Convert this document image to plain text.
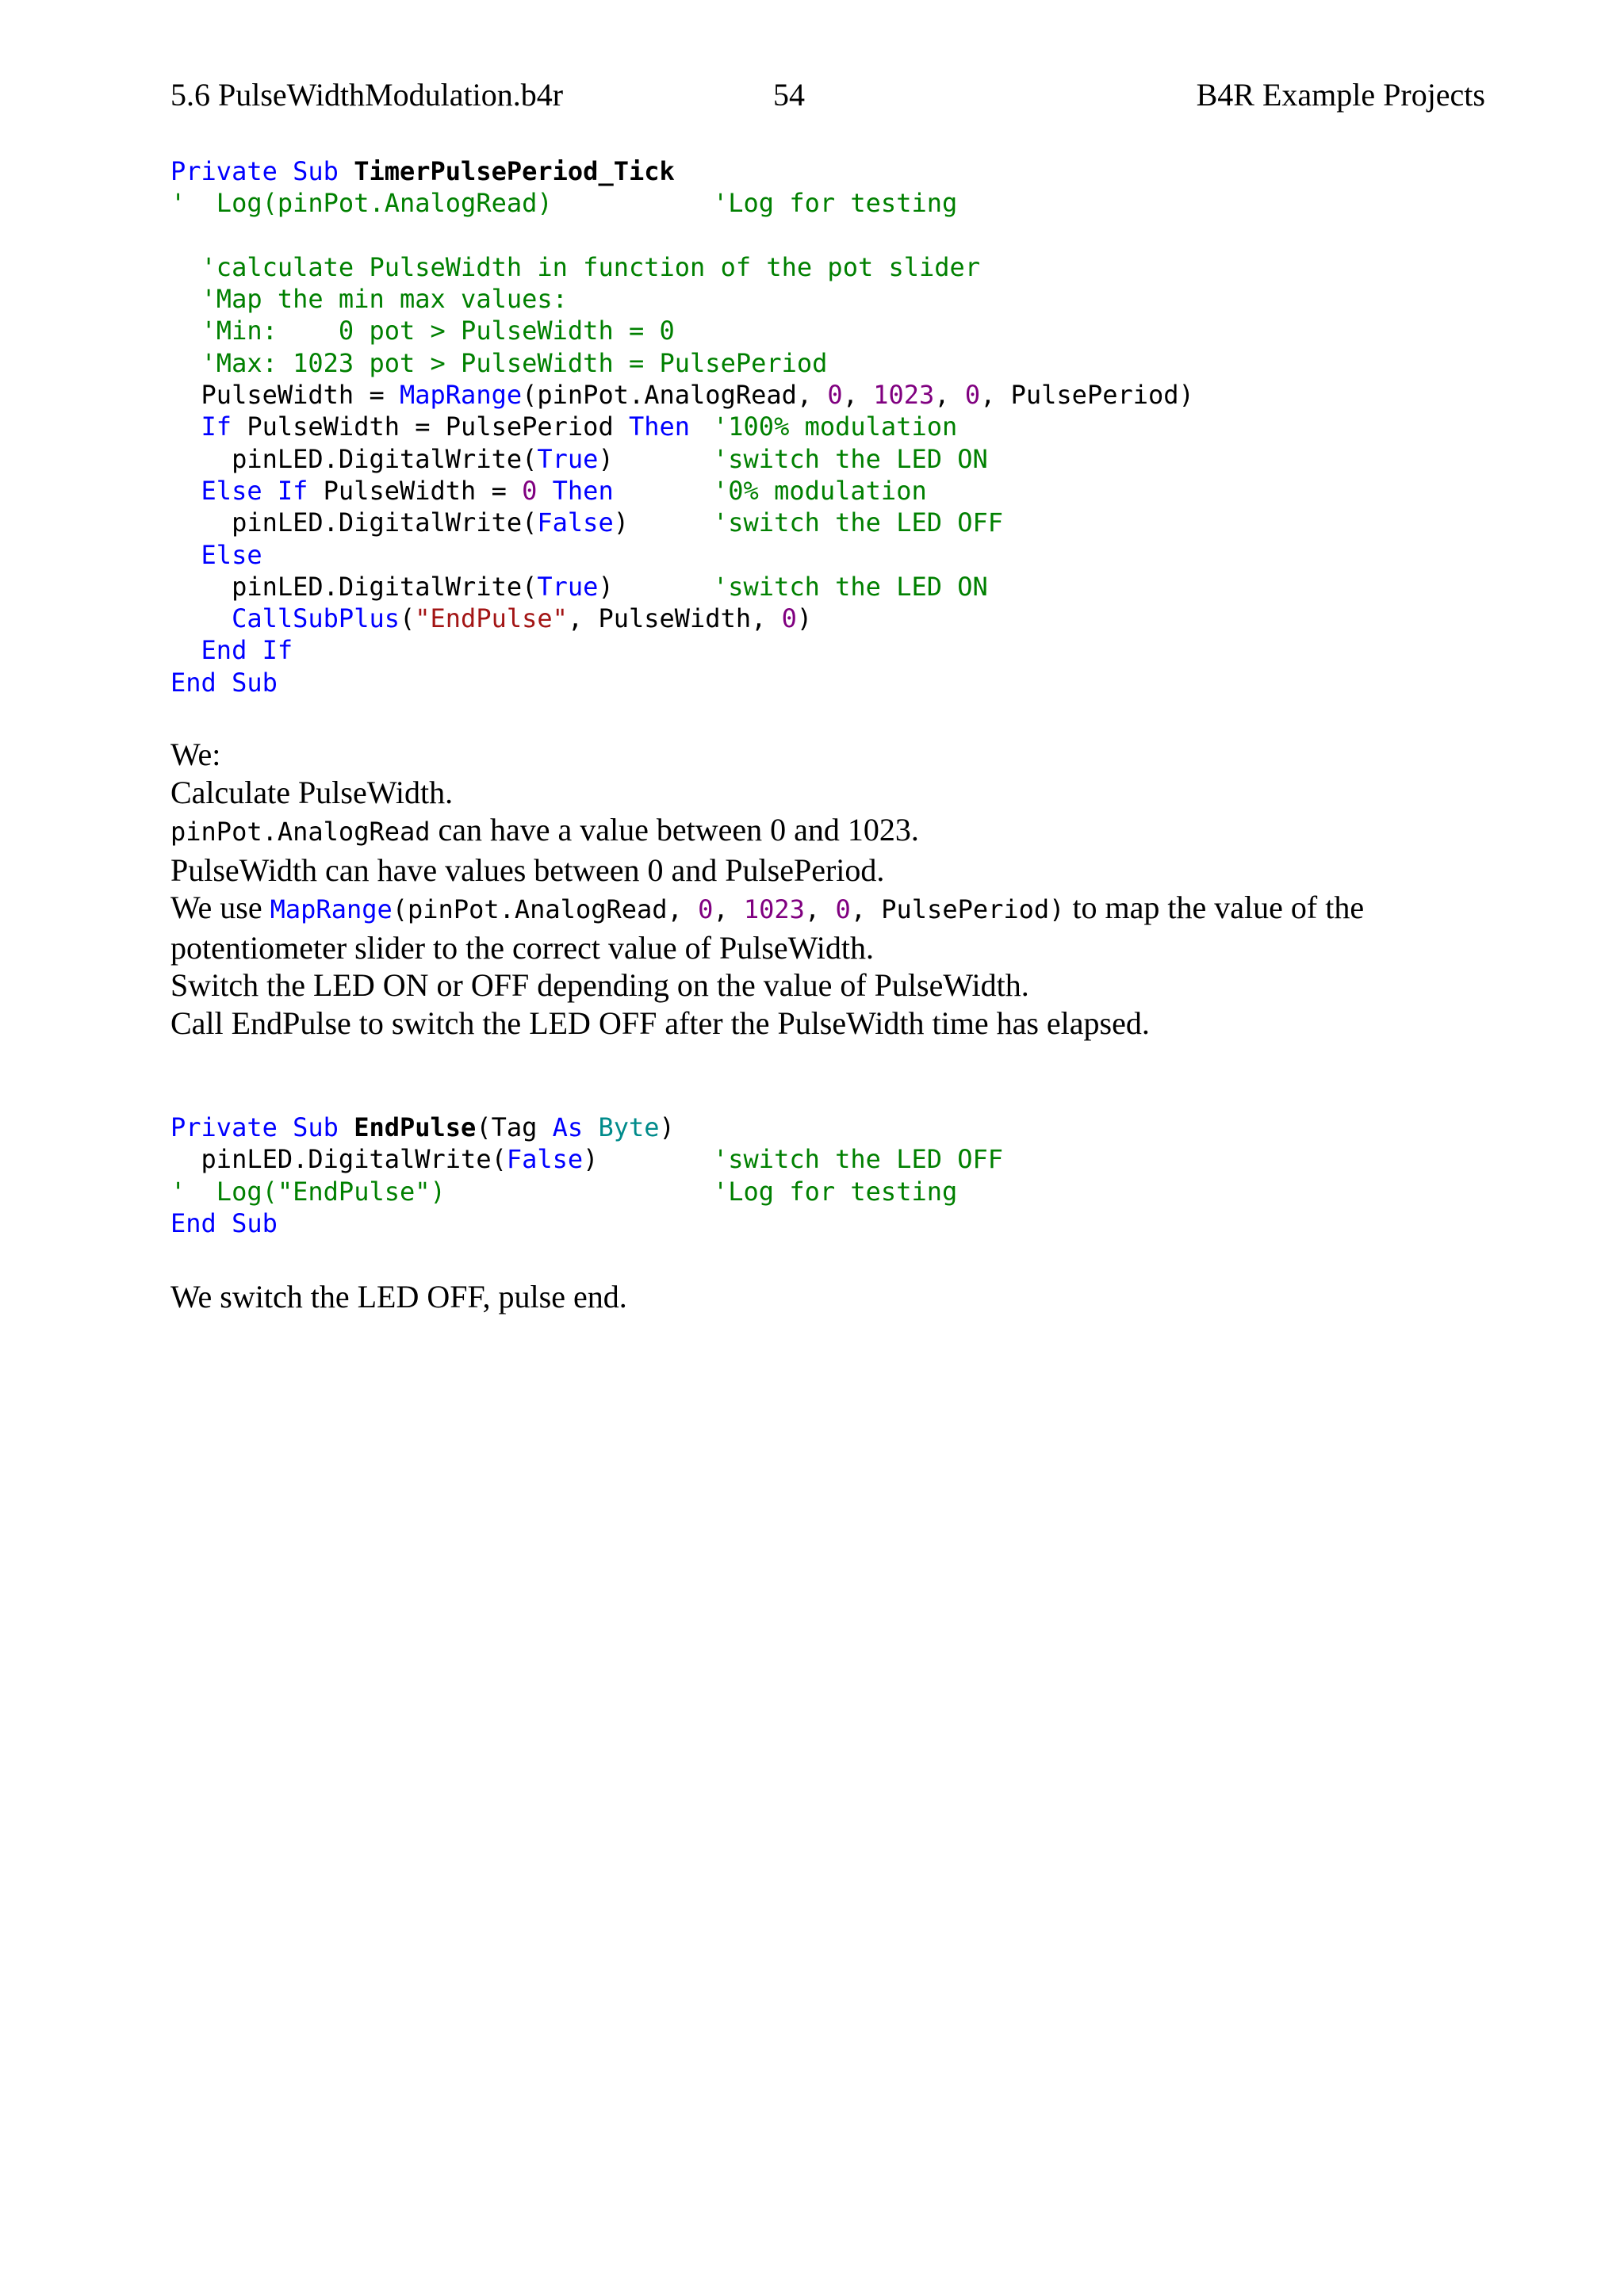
5.6 PulseWidthModulation.b4r	54	B4R Example Projects
Private Sub TimerPulsePeriod_Tick
'  Log(pinPot.AnalogRead)	'Log for testing
'calculate PulseWidth in function of the pot slider
'Map the min max values:
'Min:    0 pot > PulseWidth = 0
'Max: 1023 pot > PulseWidth = PulsePeriod
PulseWidth = MapRange(pinPot.AnalogRead, 0, 1023, 0, PulsePeriod)
If PulseWidth = PulsePeriod Then '100% modulation
pinLED.DigitalWrite(True)	'switch the LED ON
Else If PulseWidth = 0 Then	'0% modulation
pinLED.DigitalWrite(False)	'switch the LED OFF
Else
pinLED.DigitalWrite(True)	'switch the LED ON
CallSubPlus("EndPulse", PulseWidth, 0)
End If
End Sub

We:

Calculate PulseWidth.

pinPot.AnalogRead can have a value between 0 and 1023.

PulseWidth can have values between 0 and PulsePeriod.

We use MapRange(pinPot.AnalogRead, 0, 1023, 0, PulsePeriod) to map the value of the potentiometer slider to the correct value of PulseWidth.

Switch the LED ON or OFF depending on the value of PulseWidth.

Call EndPulse to switch the LED OFF after the PulseWidth time has elapsed.

Private Sub EndPulse(Tag As Byte)
pinLED.DigitalWrite(False)	'switch the LED OFF
'  Log("EndPulse")	'Log for testing
End Sub

We switch the LED OFF, pulse end.
